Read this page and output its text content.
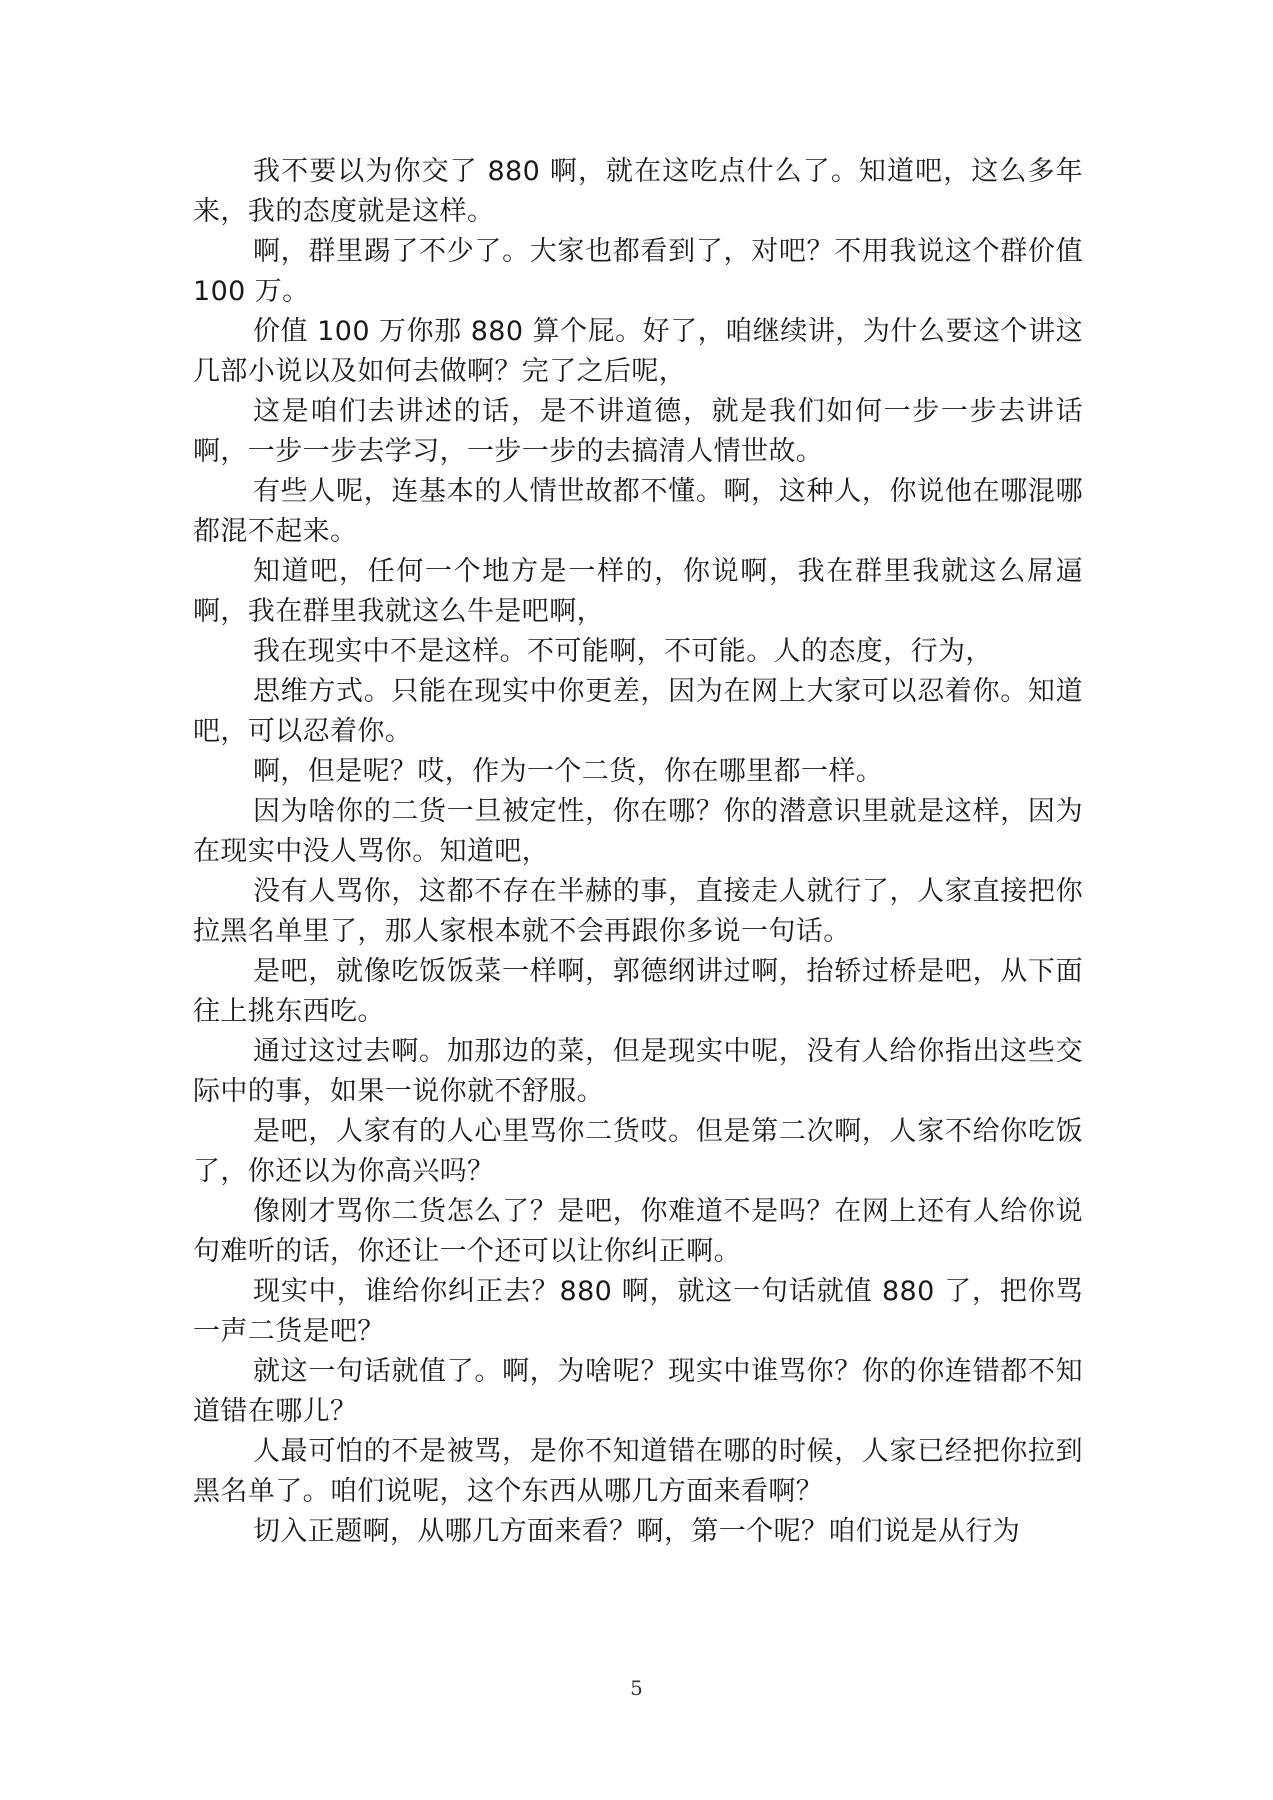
我不要以为你交了 880 啊，就在这吃点什么了。知道吧，这么多年来，我的态度就是这样。

啊，群里踢了不少了。大家也都看到了，对吧？不用我说这个群价值 100 万。

价值 100 万你那 880 算个屁。好了，咱继续讲，为什么要这个讲这几部小说以及如何去做啊？完了之后呢，

这是咱们去讲述的话，是不讲道德，就是我们如何一步一步去讲话啊，一步一步去学习，一步一步的去搞清人情世故。

有些人呢，连基本的人情世故都不懂。啊，这种人，你说他在哪混哪都混不起来。

知道吧，任何一个地方是一样的，你说啊，我在群里我就这么屌逼啊，我在群里我就这么牛是吧啊，

我在现实中不是这样。不可能啊，不可能。人的态度，行为，

思维方式。只能在现实中你更差，因为在网上大家可以忍着你。知道吧，可以忍着你。

啊，但是呢？哎，作为一个二货，你在哪里都一样。

因为啥你的二货一旦被定性，你在哪？你的潜意识里就是这样，因为在现实中没人骂你。知道吧，

没有人骂你，这都不存在半赫的事，直接走人就行了，人家直接把你拉黑名单里了，那人家根本就不会再跟你多说一句话。

是吧，就像吃饭饭菜一样啊，郭德纲讲过啊，抬轿过桥是吧，从下面往上挑东西吃。

通过这过去啊。加那边的菜，但是现实中呢，没有人给你指出这些交际中的事，如果一说你就不舒服。

是吧，人家有的人心里骂你二货哎。但是第二次啊，人家不给你吃饭了，你还以为你高兴吗？

像刚才骂你二货怎么了？是吧，你难道不是吗？在网上还有人给你说句难听的话，你还让一个还可以让你纠正啊。

现实中，谁给你纠正去？880 啊，就这一句话就值 880 了，把你骂一声二货是吧？

就这一句话就值了。啊，为啥呢？现实中谁骂你？你的你连错都不知道错在哪儿？

人最可怕的不是被骂，是你不知道错在哪的时候，人家已经把你拉到黑名单了。咱们说呢，这个东西从哪几方面来看啊？

切入正题啊，从哪几方面来看？啊，第一个呢？咱们说是从行为

5
